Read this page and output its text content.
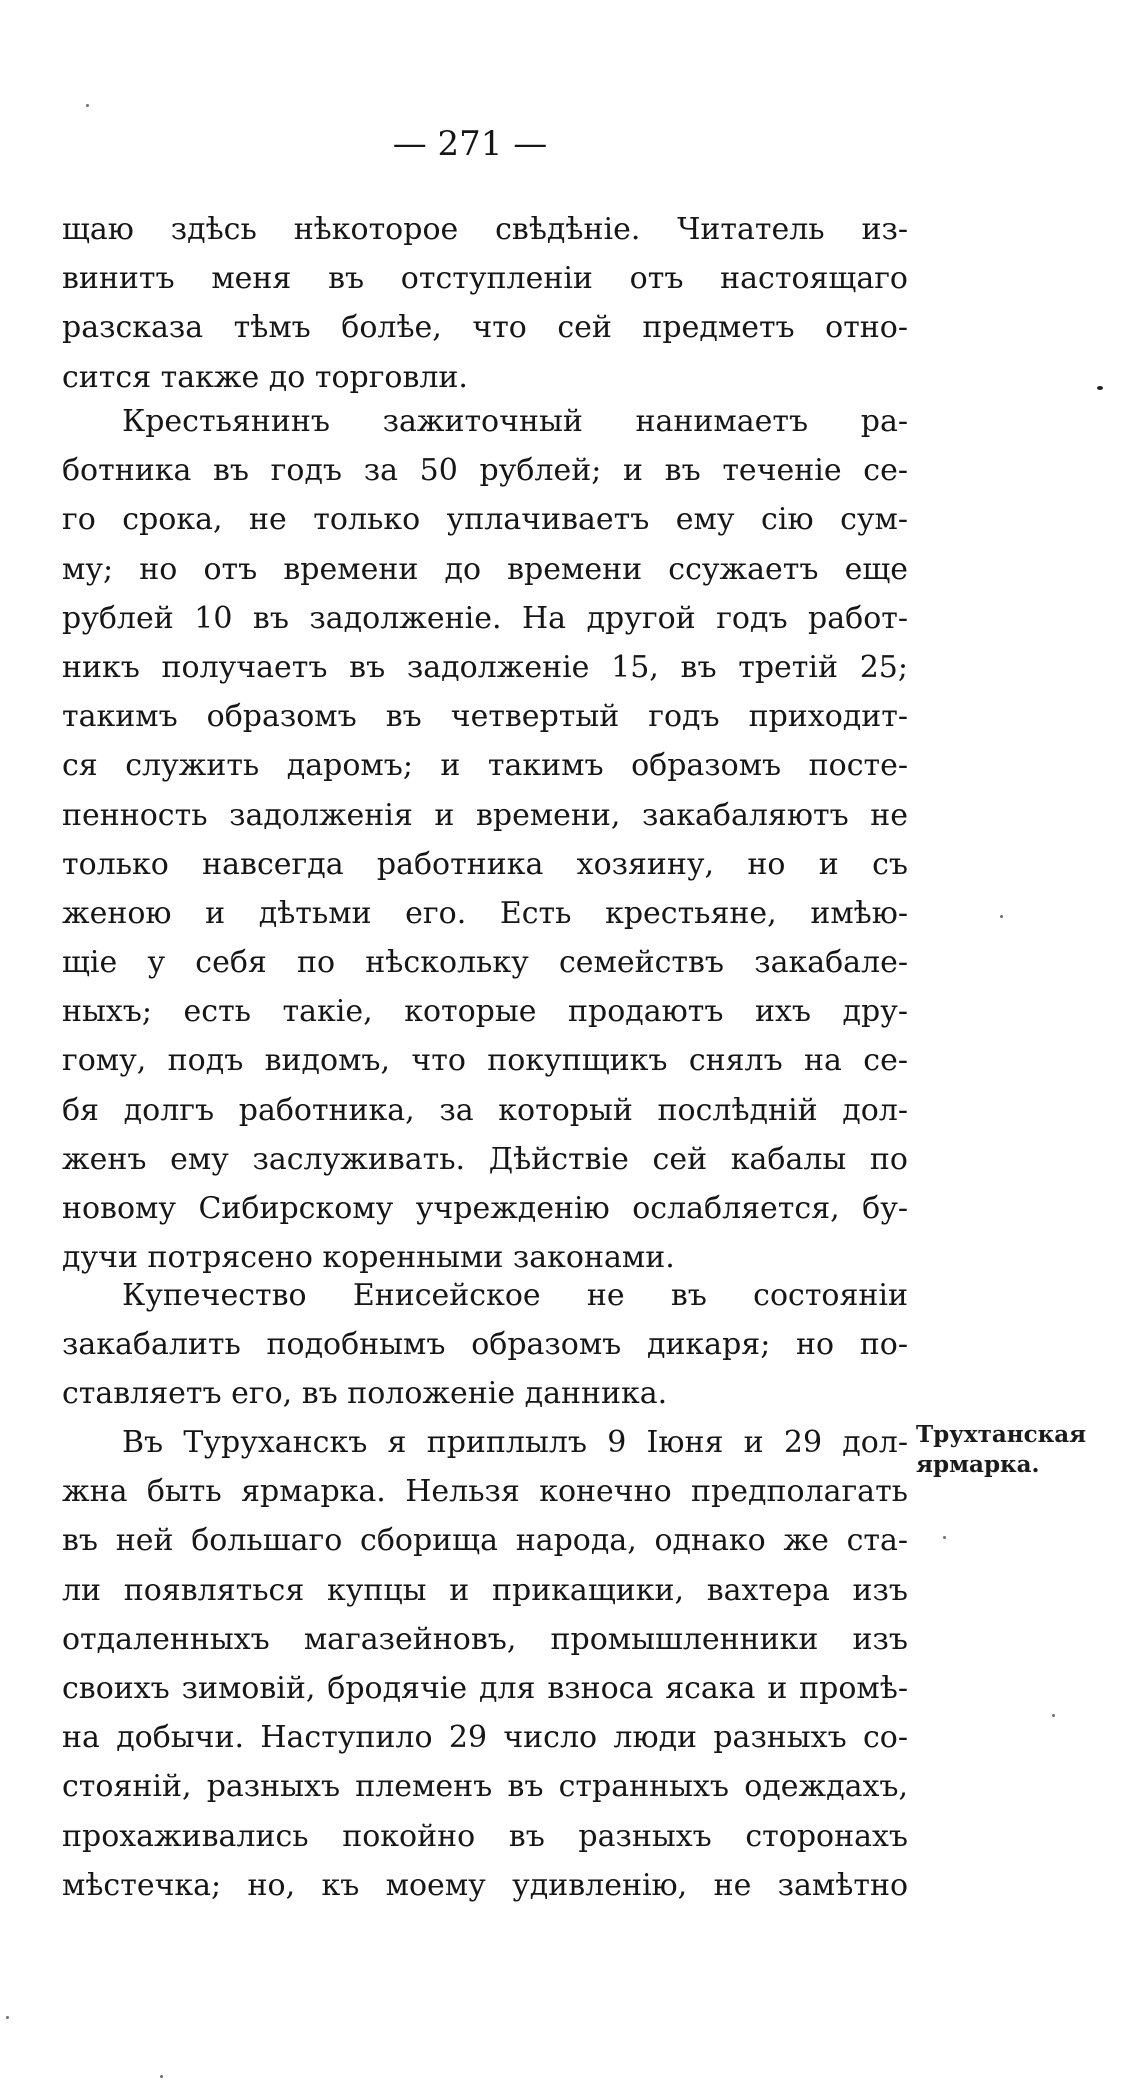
— 271 —
щаю здѣсь нѣкоторое свѣдѣнiе. Читатель из-
винитъ меня въ отступленiи отъ настоящаго
разсказа тѣмъ болѣе, что сей предметъ отно-
сится также до торговли.
Крестьянинъ зажиточный нанимаетъ ра-
ботника въ годъ за 50 рублей; и въ теченiе се-
го срока, не только уплачиваетъ ему сiю сум-
му; но отъ времени до времени ссужаетъ еще
рублей 10 въ задолженiе. На другой годъ работ-
никъ получаетъ въ задолженiе 15, въ третiй 25;
такимъ образомъ въ четвертый годъ приходит-
ся служить даромъ; и такимъ образомъ посте-
пенность задолженiя и времени, закабаляютъ не
только навсегда работника хозяину, но и съ
женою и дѣтьми его. Есть крестьяне, имѣю-
щiе у себя по нѣскольку семействъ закабале-
ныхъ; есть такiе, которые продаютъ ихъ дру-
гому, подъ видомъ, что покупщикъ снялъ на се-
бя долгъ работника, за который послѣднiй дол-
женъ ему заслуживать. Дѣйствiе сей кабалы по
новому Сибирскому учрежденiю ослабляется, бу-
дучи потрясено коренными законами.
Купечество Енисейское не въ состоянiи
закабалить подобнымъ образомъ дикаря; но по-
ставляетъ его, въ положенiе данника.
Въ Туруханскъ я приплылъ 9 Iюня и 29 дол-
жна быть ярмарка. Нельзя конечно предполагать
въ ней большаго сборища народа, однако же ста-
ли появляться купцы и прикащики, вахтера изъ
отдаленныхъ магазейновъ, промышленники изъ
своихъ зимовiй, бродячiе для взноса ясака и промѣ-
на добычи. Наступило 29 число люди разныхъ со-
стоянiй, разныхъ племенъ въ странныхъ одеждахъ,
прохаживались покойно въ разныхъ сторонахъ
мѣстечка; но, къ моему удивленiю, не замѣтно
Трухтанская
ярмарка.
